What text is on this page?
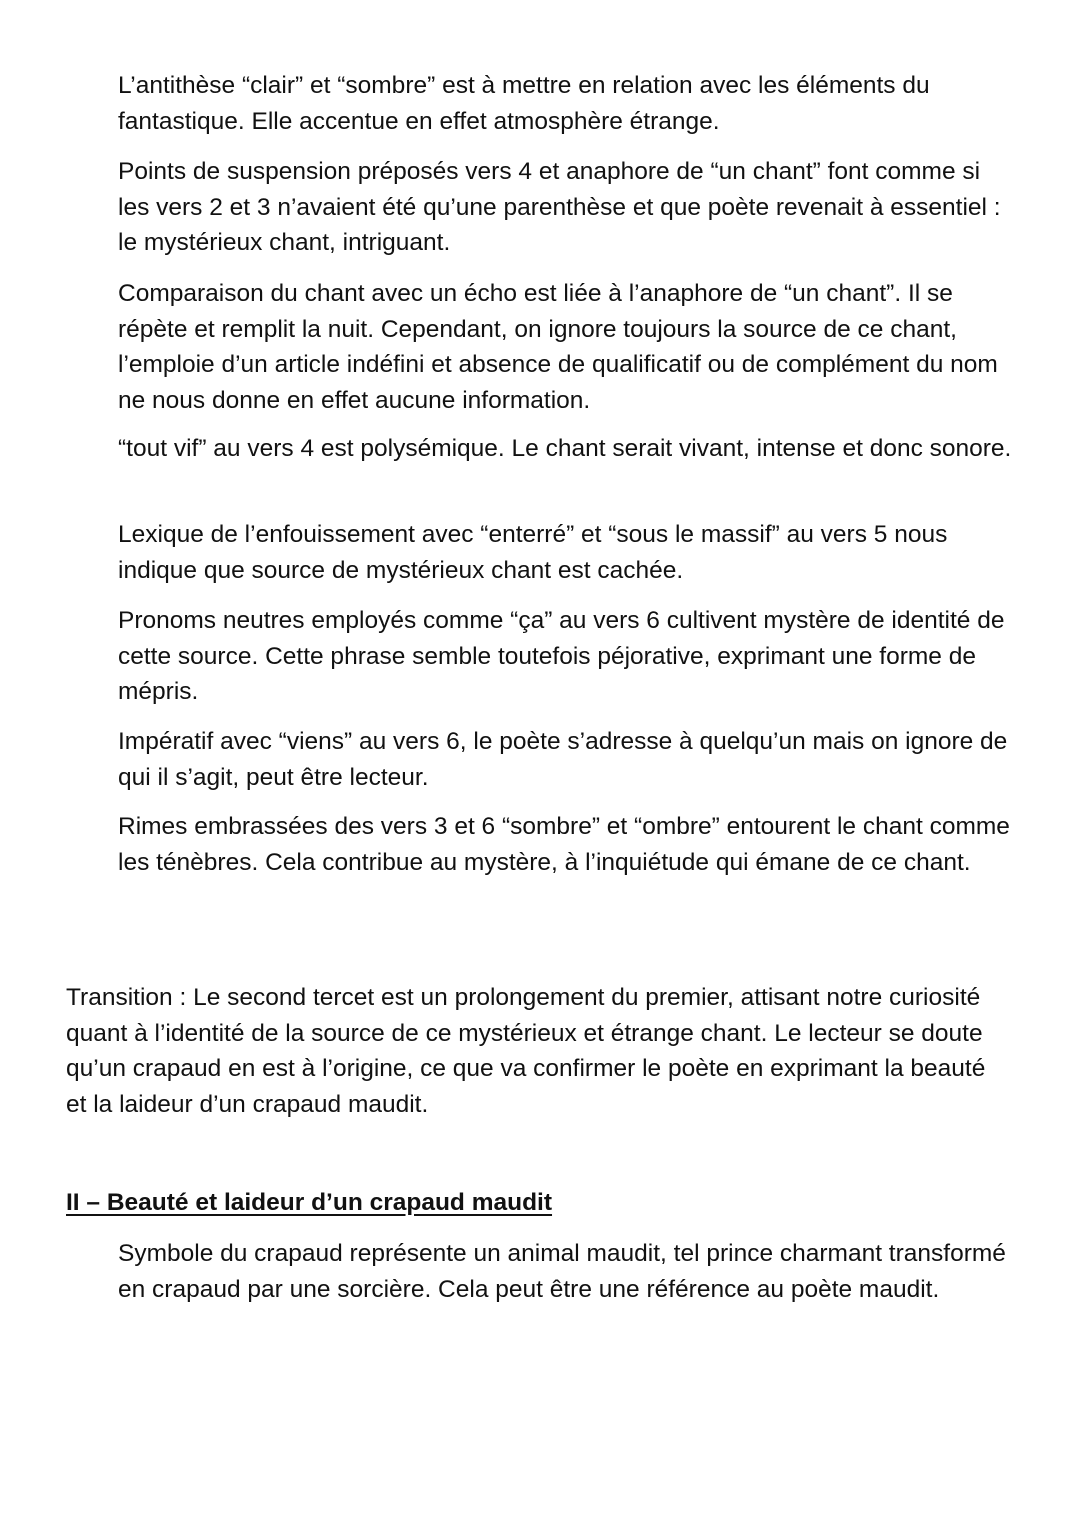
L’antithèse “clair” et “sombre” est à mettre en relation avec les éléments du fantastique. Elle accentue en effet atmosphère étrange.

Points de suspension préposés vers 4 et anaphore de “un chant” font comme si les vers 2 et 3 n’avaient été qu’une parenthèse et que poète revenait à essentiel : le mystérieux chant, intriguant.

Comparaison du chant avec un écho est liée à l’anaphore de “un chant”. Il se répète et remplit la nuit. Cependant, on ignore toujours la source de ce chant, l’emploie d’un article indéfini et absence de qualificatif ou de complément du nom ne nous donne en effet aucune information.

“tout vif” au vers 4 est polysémique. Le chant serait vivant, intense et donc sonore.

Lexique de l’enfouissement avec “enterré” et “sous le massif” au vers 5 nous indique que source de mystérieux chant est cachée.

Pronoms neutres employés comme “ça” au vers 6 cultivent mystère de identité de cette source. Cette phrase semble toutefois péjorative, exprimant une forme de mépris.

Impératif avec “viens” au vers 6, le poète s’adresse à quelqu’un mais on ignore de qui il s’agit, peut être lecteur.

Rimes embrassées des vers 3 et 6 “sombre” et “ombre” entourent le chant comme les ténèbres. Cela contribue au mystère, à l’inquiétude qui émane de ce chant.

Transition : Le second tercet est un prolongement du premier, attisant notre curiosité quant à l’identité de la source de ce mystérieux et étrange chant. Le lecteur se doute qu’un crapaud en est à l’origine, ce que va confirmer le poète en exprimant la beauté et la laideur d’un crapaud maudit.

II – Beauté et laideur d’un crapaud maudit

Symbole du crapaud représente un animal maudit, tel prince charmant transformé en crapaud par une sorcière. Cela peut être une référence au poète maudit.
